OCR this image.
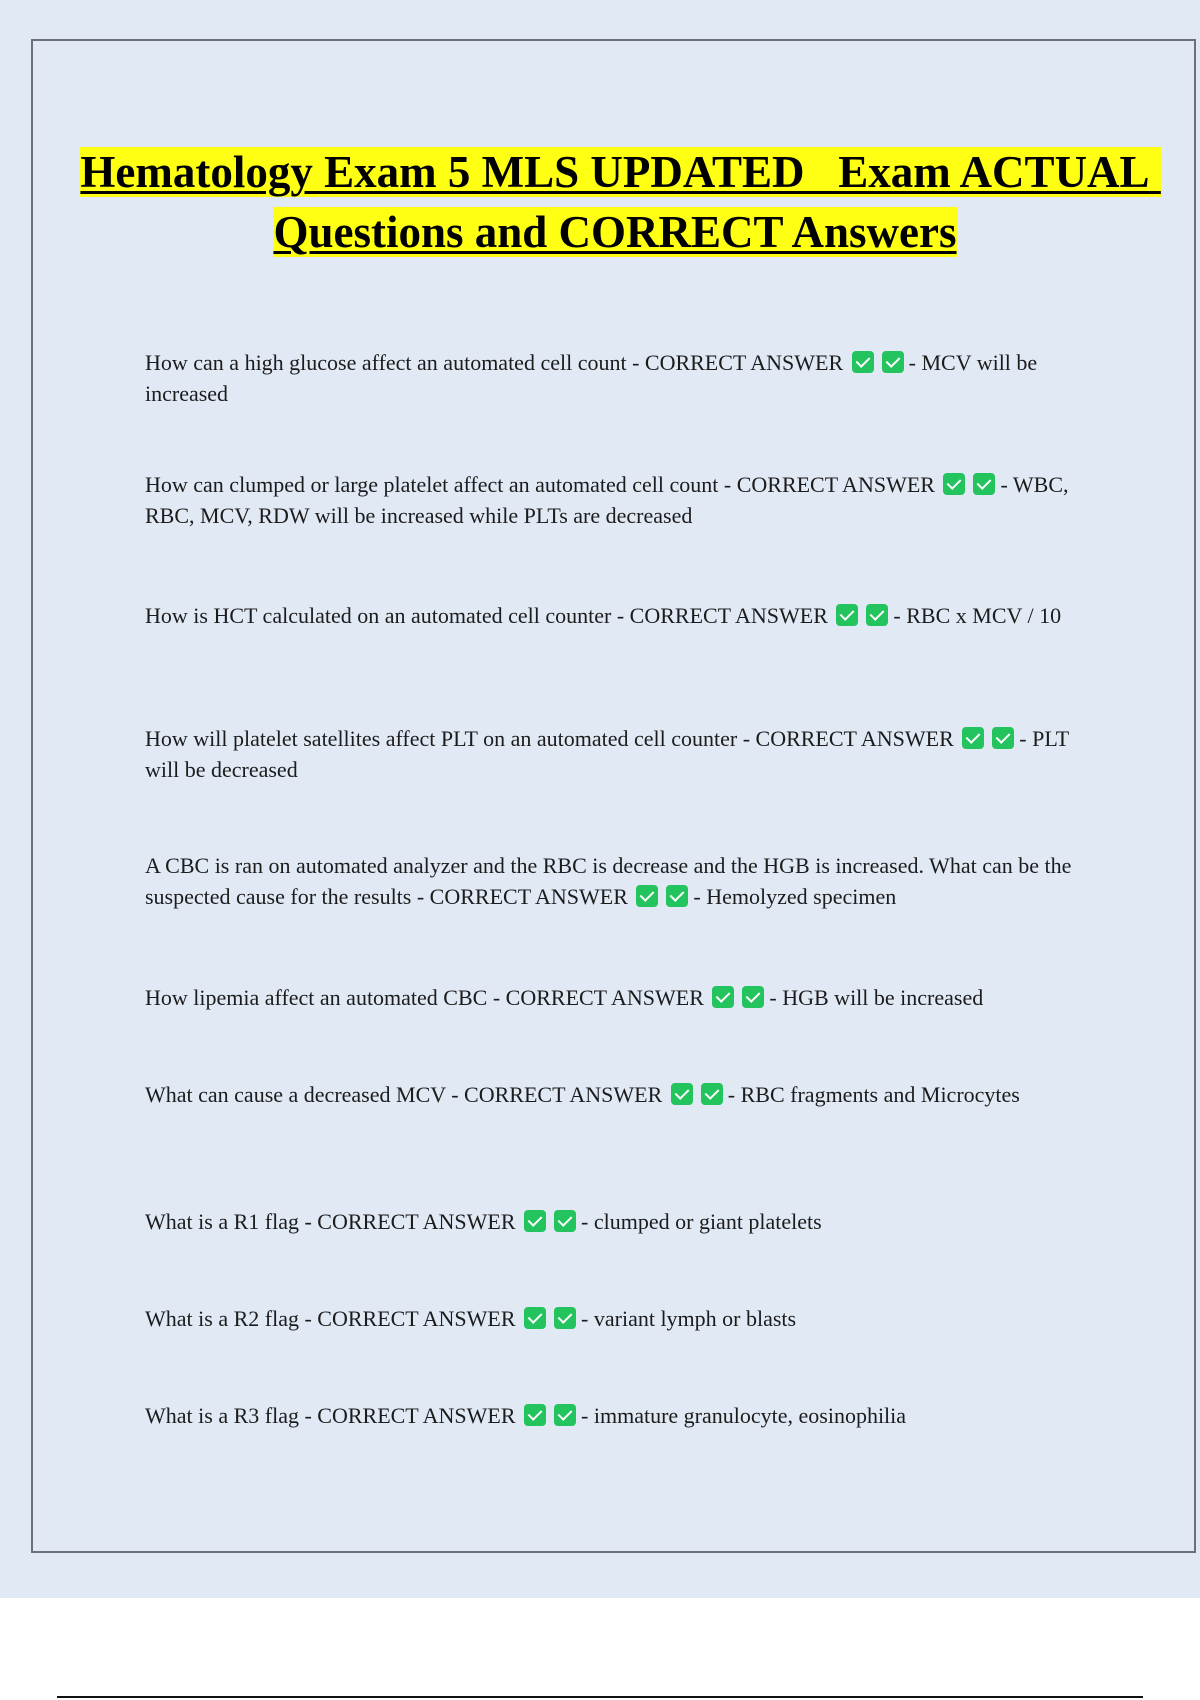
Hematology Exam 5 MLS UPDATED   Exam ACTUAL Questions and CORRECT Answers

How can a high glucose affect an automated cell count - CORRECT ANSWER	- MCV will be increased

How can clumped or large platelet affect an automated cell count - CORRECT ANSWER	- WBC, RBC, MCV, RDW will be increased while PLTs are decreased

How is HCT calculated on an automated cell counter - CORRECT ANSWER	- RBC x MCV / 10

How will platelet satellites affect PLT on an automated cell counter - CORRECT ANSWER	- PLT will be decreased

A CBC is ran on automated analyzer and the RBC is decrease and the HGB is increased. What can be the suspected cause for the results - CORRECT ANSWER	- Hemolyzed specimen

How lipemia affect an automated CBC - CORRECT ANSWER	- HGB will be increased

What can cause a decreased MCV - CORRECT ANSWER	- RBC fragments and Microcytes

What is a R1 flag - CORRECT ANSWER	- clumped or giant platelets

What is a R2 flag - CORRECT ANSWER	- variant lymph or blasts

What is a R3 flag - CORRECT ANSWER	- immature granulocyte, eosinophilia
